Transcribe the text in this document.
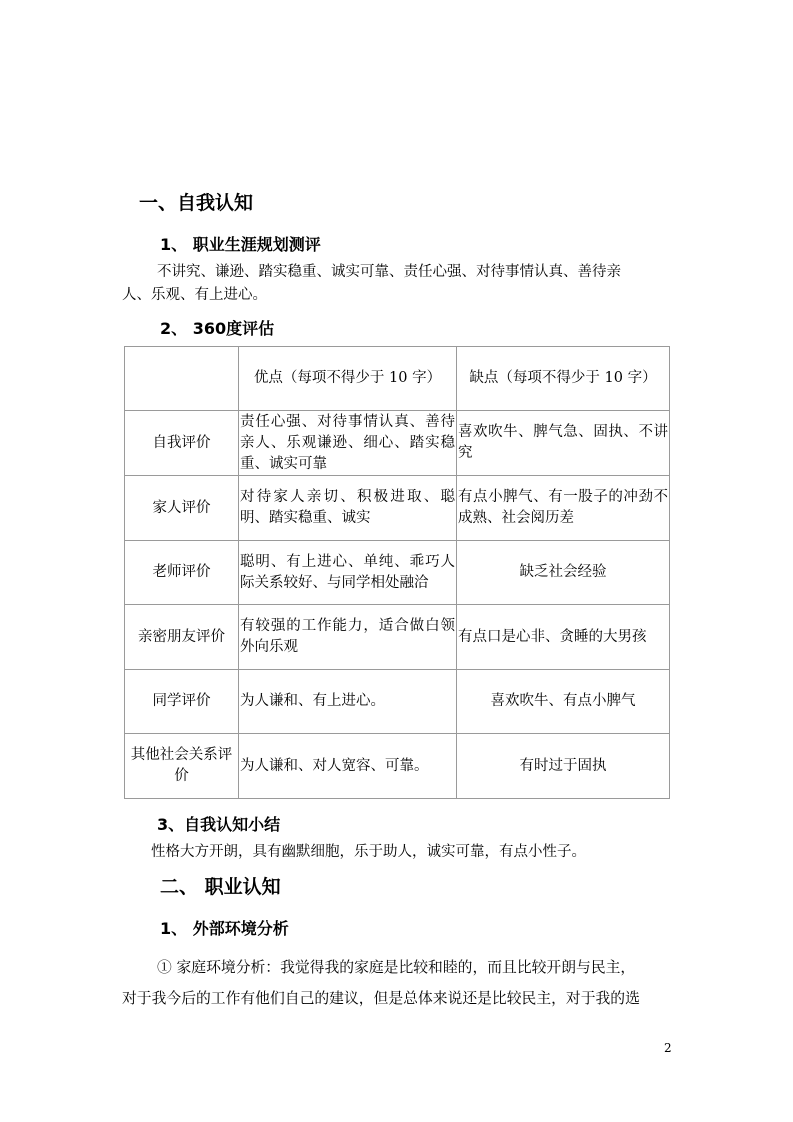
一、自我认知
1、 职业生涯规划测评
不讲究、谦逊、踏实稳重、诚实可靠、责任心强、对待事情认真、善待亲
人、乐观、有上进心。
2、 360度评估
	优点（每项不得少于 10 字）	缺点（每项不得少于 10 字）
自我评价	责任心强、对待事情认真、善待亲人、乐观谦逊、细心、踏实稳重、诚实可靠	喜欢吹牛、脾气急、固执、不讲究
家人评价	对待家人亲切、积极进取、聪明、踏实稳重、诚实	有点小脾气、有一股子的冲劲不成熟、社会阅历差
老师评价	聪明、有上进心、单纯、乖巧人际关系较好、与同学相处融洽	缺乏社会经验
亲密朋友评价	有较强的工作能力，适合做白领外向乐观	有点口是心非、贪睡的大男孩
同学评价	为人谦和、有上进心。	喜欢吹牛、有点小脾气
其他社会关系评价	为人谦和、对人宽容、可靠。	有时过于固执
3、自我认知小结
性格大方开朗，具有幽默细胞，乐于助人，诚实可靠，有点小性子。
二、 职业认知
1、 外部环境分析
① 家庭环境分析：我觉得我的家庭是比较和睦的，而且比较开朗与民主，
对于我今后的工作有他们自己的建议，但是总体来说还是比较民主，对于我的选
2
